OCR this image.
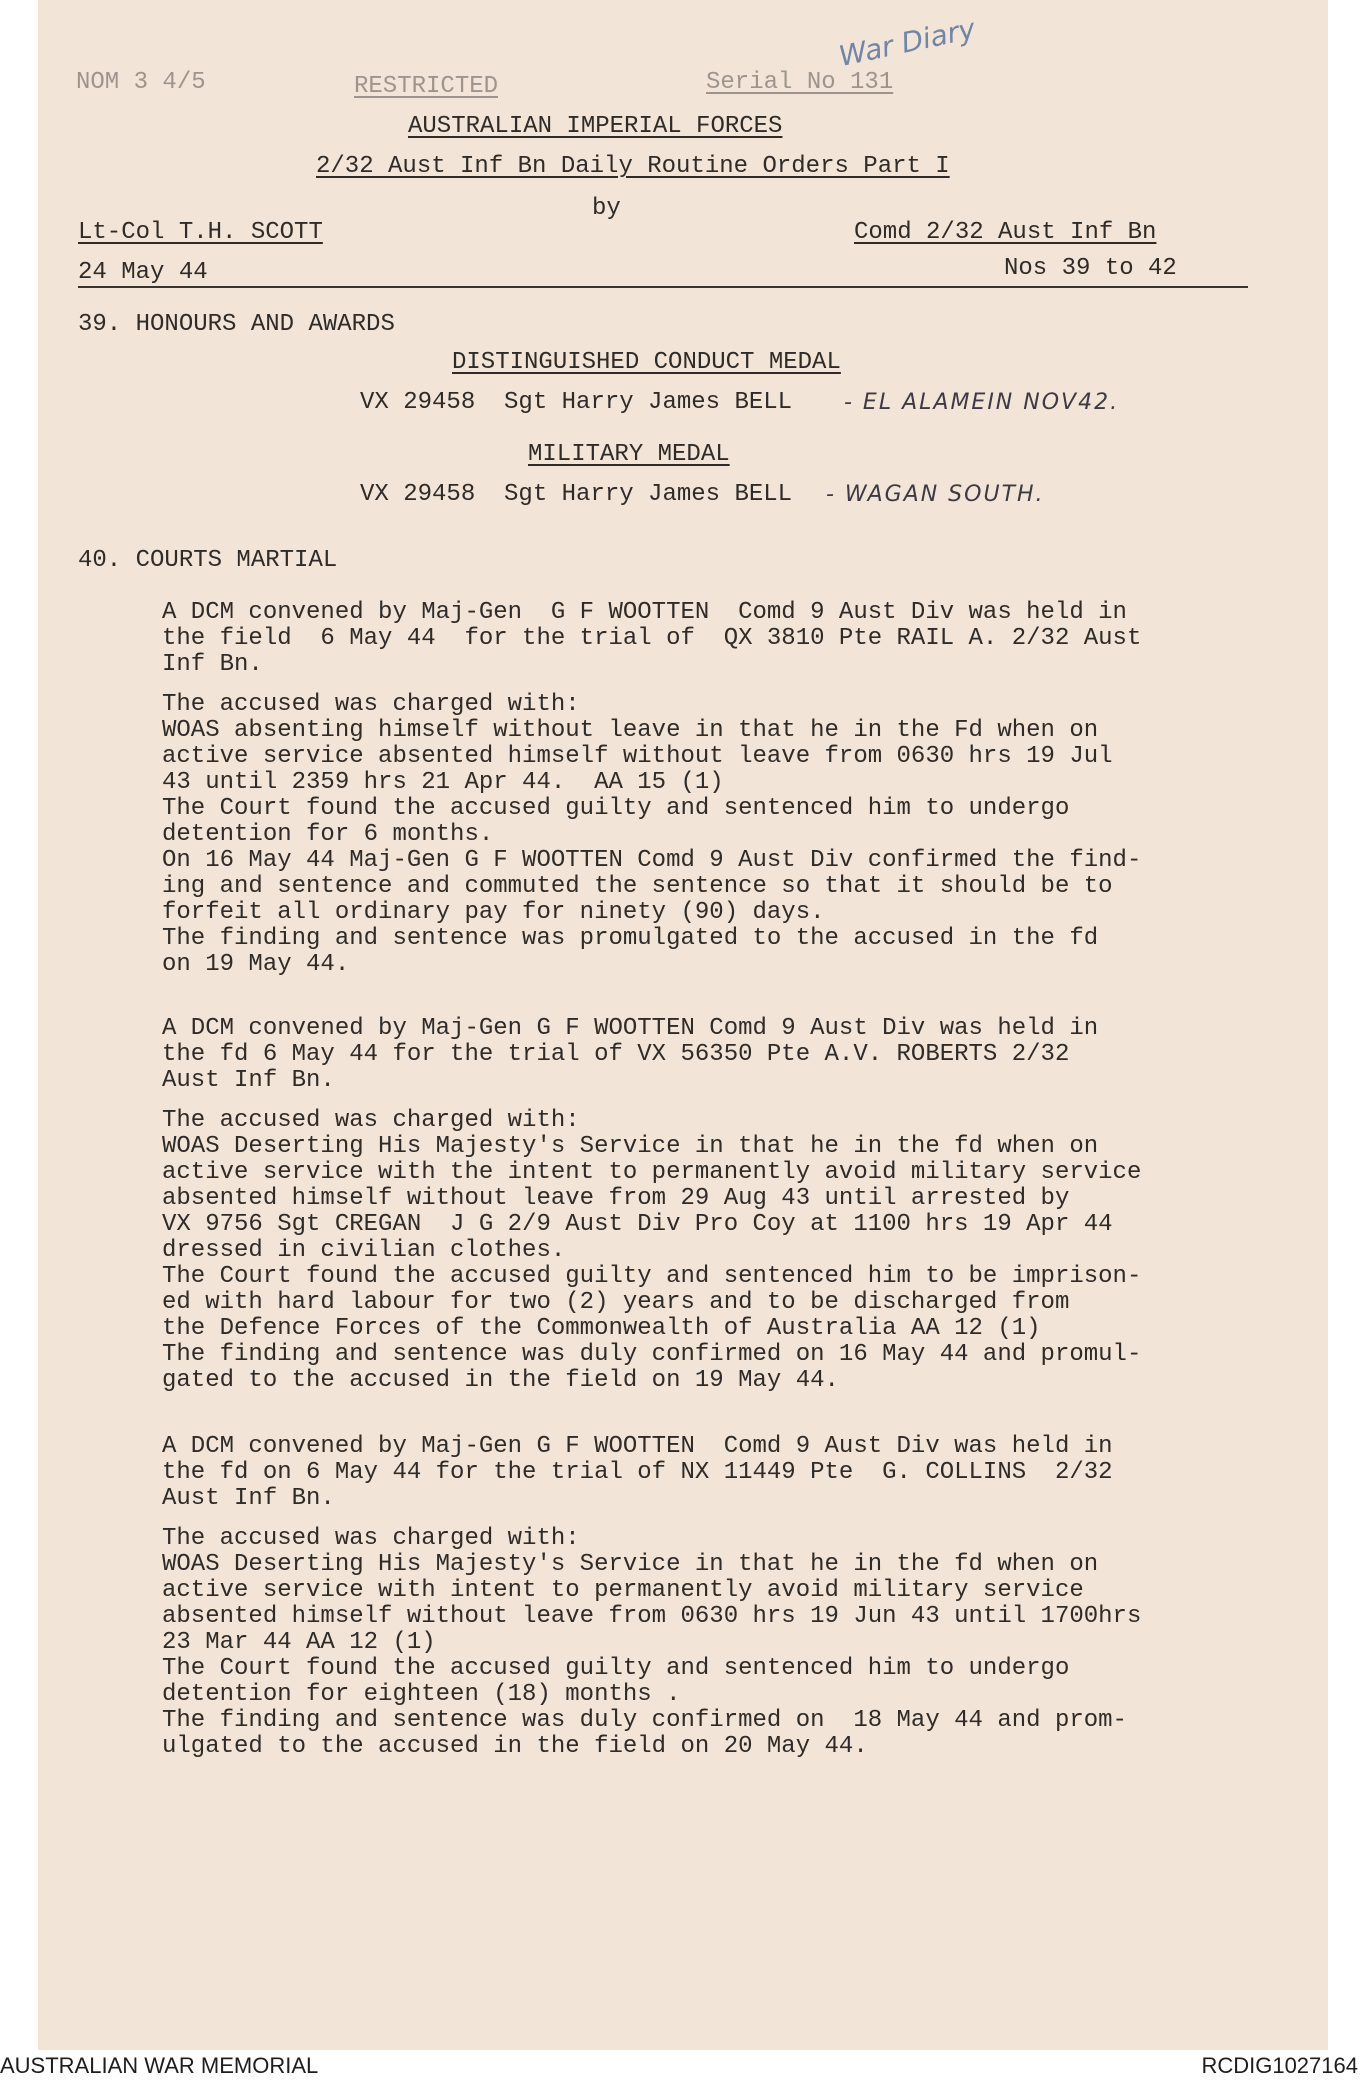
NOM 3 4/5	RESTRICTED	Serial No 131
War Diary
AUSTRALIAN IMPERIAL FORCES
2/32 Aust Inf Bn Daily Routine Orders Part I
by
Lt-Col T.H. SCOTT	Comd 2/32 Aust Inf Bn
24 May 44	Nos 39 to 42
39. HONOURS AND AWARDS
DISTINGUISHED CONDUCT MEDAL
VX 29458  Sgt Harry James BELL - EL ALAMEIN NOV42.
MILITARY MEDAL
VX 29458  Sgt Harry James BELL - WAGAN SOUTH.
40. COURTS MARTIAL
A DCM convened by Maj-Gen  G F WOOTTEN  Comd 9 Aust Div was held in
the field  6 May 44  for the trial of  QX 3810 Pte RAIL A. 2/32 Aust
Inf Bn.
The accused was charged with:
WOAS absenting himself without leave in that he in the Fd when on
active service absented himself without leave from 0630 hrs 19 Jul
43 until 2359 hrs 21 Apr 44.  AA 15 (1)
The Court found the accused guilty and sentenced him to undergo
detention for 6 months.
On 16 May 44 Maj-Gen G F WOOTTEN Comd 9 Aust Div confirmed the find-
ing and sentence and commuted the sentence so that it should be to
forfeit all ordinary pay for ninety (90) days.
The finding and sentence was promulgated to the accused in the fd
on 19 May 44.
A DCM convened by Maj-Gen G F WOOTTEN Comd 9 Aust Div was held in
the fd 6 May 44 for the trial of VX 56350 Pte A.V. ROBERTS 2/32
Aust Inf Bn.
The accused was charged with:
WOAS Deserting His Majesty's Service in that he in the fd when on
active service with the intent to permanently avoid military service
absented himself without leave from 29 Aug 43 until arrested by
VX 9756 Sgt CREGAN  J G 2/9 Aust Div Pro Coy at 1100 hrs 19 Apr 44
dressed in civilian clothes.
The Court found the accused guilty and sentenced him to be imprison-
ed with hard labour for two (2) years and to be discharged from
the Defence Forces of the Commonwealth of Australia AA 12 (1)
The finding and sentence was duly confirmed on 16 May 44 and promul-
gated to the accused in the field on 19 May 44.
A DCM convened by Maj-Gen G F WOOTTEN  Comd 9 Aust Div was held in
the fd on 6 May 44 for the trial of NX 11449 Pte  G. COLLINS  2/32
Aust Inf Bn.
The accused was charged with:
WOAS Deserting His Majesty's Service in that he in the fd when on
active service with intent to permanently avoid military service
absented himself without leave from 0630 hrs 19 Jun 43 until 1700hrs
23 Mar 44 AA 12 (1)
The Court found the accused guilty and sentenced him to undergo
detention for eighteen (18) months .
The finding and sentence was duly confirmed on  18 May 44 and prom-
ulgated to the accused in the field on 20 May 44.
AUSTRALIAN WAR MEMORIAL	RCDIG1027164
